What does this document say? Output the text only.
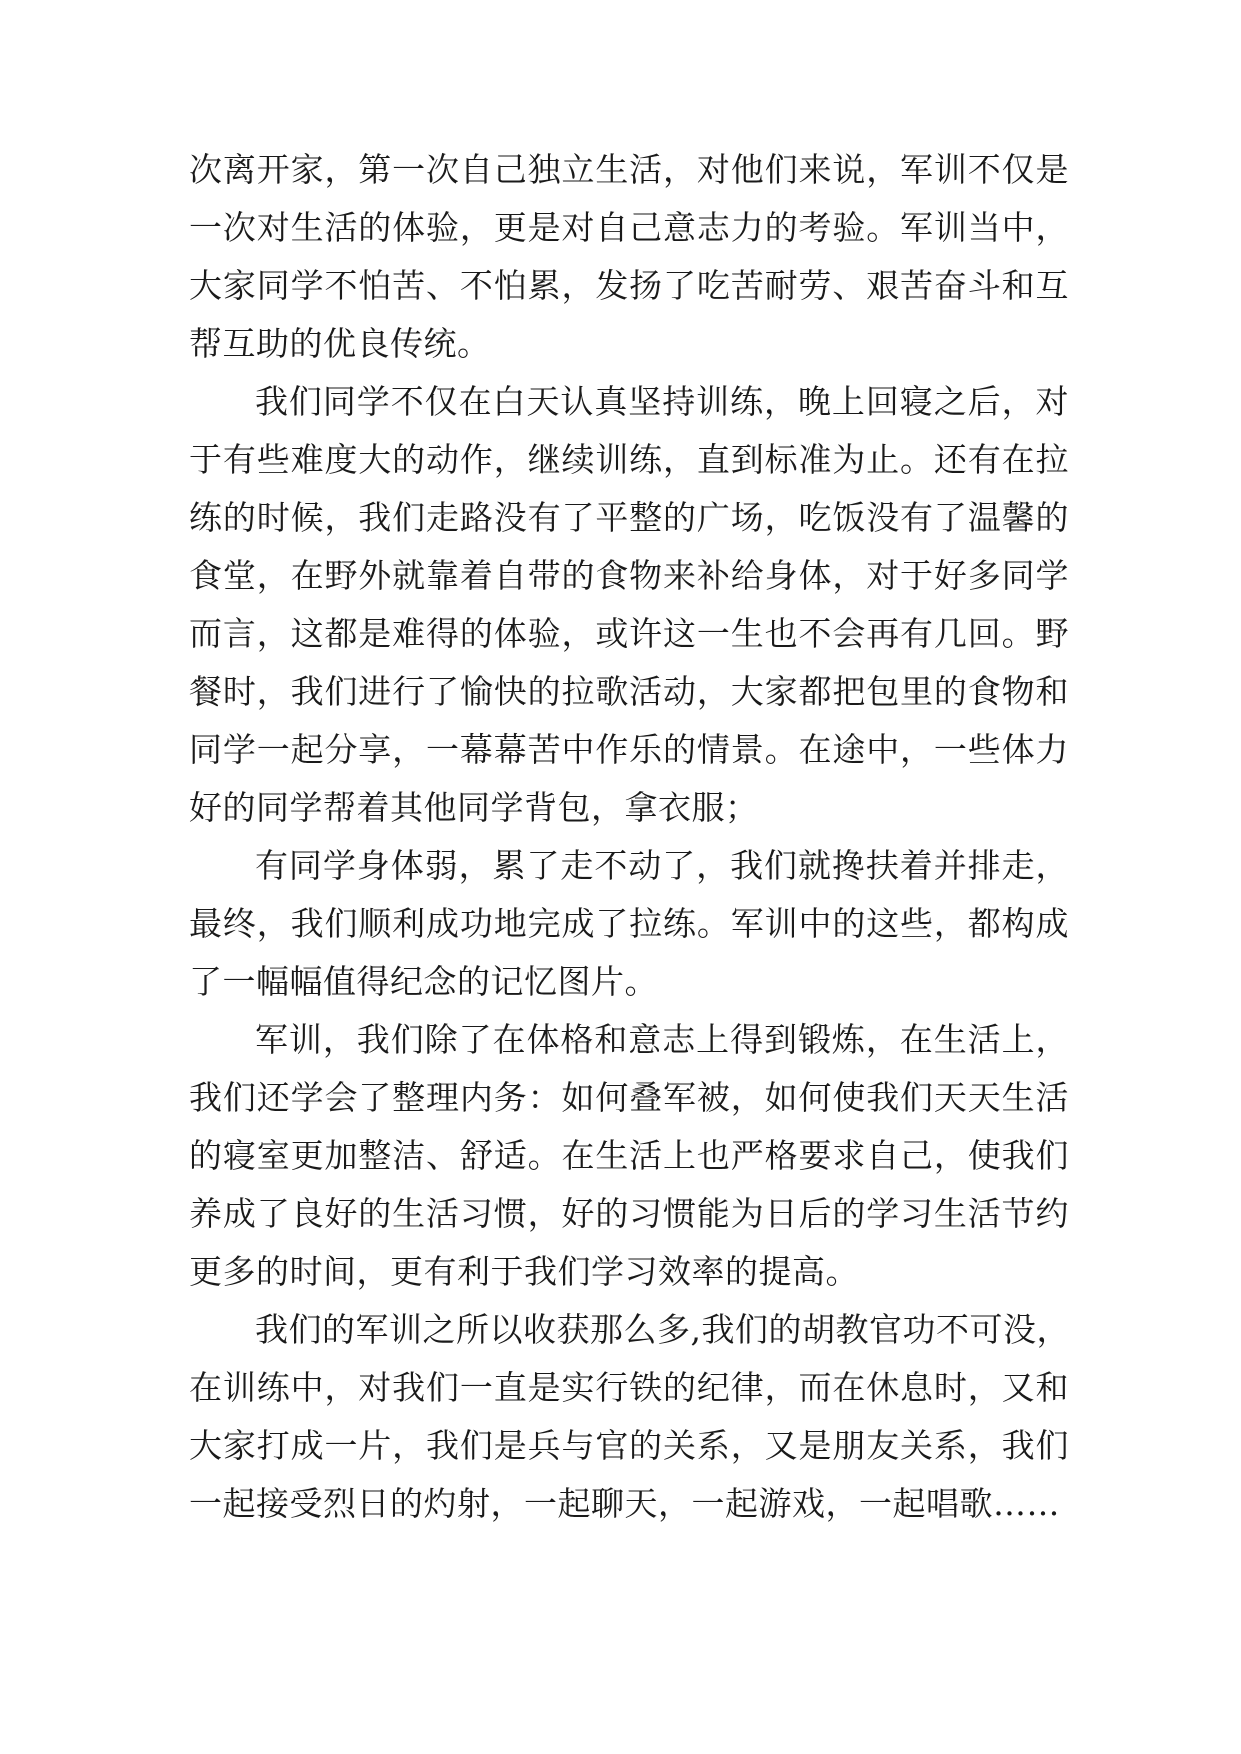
次离开家，第一次自己独立生活，对他们来说，军训不仅是
一次对生活的体验，更是对自己意志力的考验。军训当中，
大家同学不怕苦、不怕累，发扬了吃苦耐劳、艰苦奋斗和互
帮互助的优良传统。
我们同学不仅在白天认真坚持训练，晚上回寝之后，对
于有些难度大的动作，继续训练，直到标准为止。还有在拉
练的时候，我们走路没有了平整的广场，吃饭没有了温馨的
食堂，在野外就靠着自带的食物来补给身体，对于好多同学
而言，这都是难得的体验，或许这一生也不会再有几回。野
餐时，我们进行了愉快的拉歌活动，大家都把包里的食物和
同学一起分享，一幕幕苦中作乐的情景。在途中，一些体力
好的同学帮着其他同学背包，拿衣服；
有同学身体弱，累了走不动了，我们就搀扶着并排走，
最终，我们顺利成功地完成了拉练。军训中的这些，都构成
了一幅幅值得纪念的记忆图片。
军训，我们除了在体格和意志上得到锻炼，在生活上，
我们还学会了整理内务：如何叠军被，如何使我们天天生活
的寝室更加整洁、舒适。在生活上也严格要求自己，使我们
养成了良好的生活习惯，好的习惯能为日后的学习生活节约
更多的时间，更有利于我们学习效率的提高。
我们的军训之所以收获那么多,我们的胡教官功不可没，
在训练中，对我们一直是实行铁的纪律，而在休息时，又和
大家打成一片，我们是兵与官的关系，又是朋友关系，我们
一起接受烈日的灼射，一起聊天，一起游戏，一起唱歌……
